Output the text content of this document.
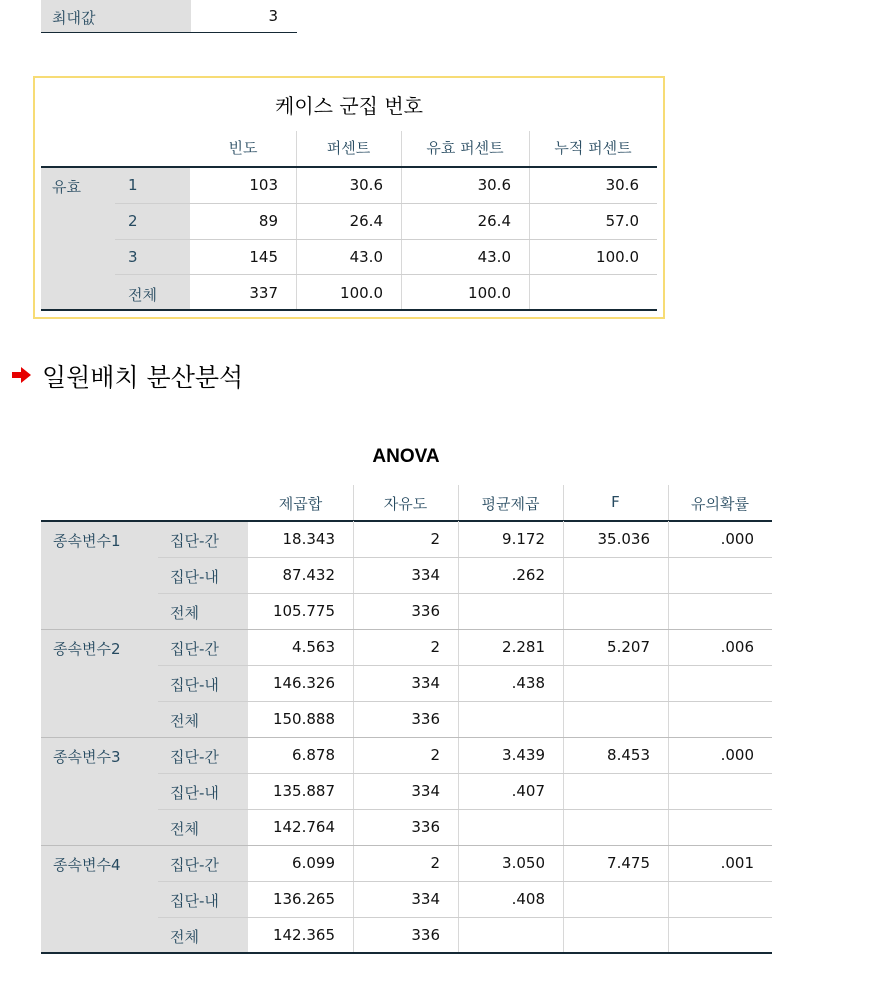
최대값	3
케이스 군집 번호
빈도	퍼센트	유효 퍼센트	누적 퍼센트
유효	1	103	30.6	30.6	30.6
2	89	26.4	26.4	57.0
3	145	43.0	43.0	100.0
전체	337	100.0	100.0
일원배치 분산분석
ANOVA
제곱합	자유도	평균제곱	F	유의확률
종속변수1	집단-간	18.343	2	9.172	35.036	.000
집단-내	87.432	334	.262
전체	105.775	336
종속변수2	집단-간	4.563	2	2.281	5.207	.006
집단-내	146.326	334	.438
전체	150.888	336
종속변수3	집단-간	6.878	2	3.439	8.453	.000
집단-내	135.887	334	.407
전체	142.764	336
종속변수4	집단-간	6.099	2	3.050	7.475	.001
집단-내	136.265	334	.408
전체	142.365	336
